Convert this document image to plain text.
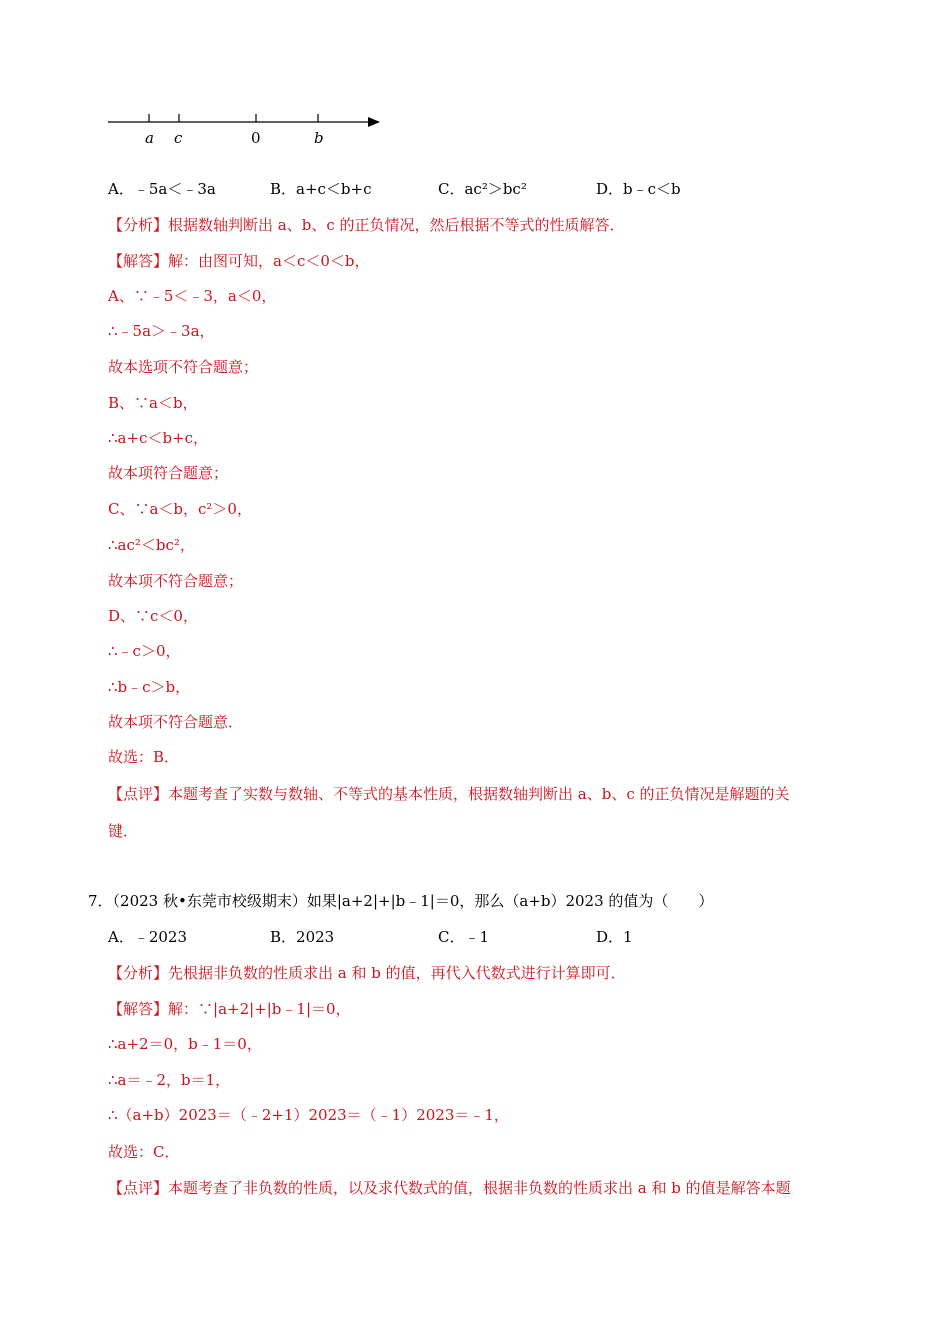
a c	0	b
A．﹣5a＜﹣3a	B．a+c＜b+c	C．ac²＞bc²	D．b﹣c＜b
【分析】根据数轴判断出 a、b、c 的正负情况，然后根据不等式的性质解答．
【解答】解：由图可知，a＜c＜0＜b，
A、∵﹣5＜﹣3，a＜0，
∴﹣5a＞﹣3a，
故本选项不符合题意；
B、∵a＜b，
∴a+c＜b+c，
故本项符合题意；
C、∵a＜b，c²＞0，
∴ac²＜bc²，
故本项不符合题意；
D、∵c＜0，
∴﹣c＞0，
∴b﹣c＞b，
故本项不符合题意．
故选：B．
【点评】本题考查了实数与数轴、不等式的基本性质，根据数轴判断出 a、b、c 的正负情况是解题的关
键．
7．（2023 秋•东莞市校级期末）如果|a+2|+|b﹣1|＝0，那么（a+b）2023 的值为（　　）
A．﹣2023	B．2023	C．﹣1	D．1
【分析】先根据非负数的性质求出 a 和 b 的值，再代入代数式进行计算即可．
【解答】解：∵|a+2|+|b﹣1|＝0，
∴a+2＝0，b﹣1＝0，
∴a＝﹣2，b＝1，
∴（a+b）2023＝（﹣2+1）2023＝（﹣1）2023＝﹣1，
故选：C．
【点评】本题考查了非负数的性质，以及求代数式的值，根据非负数的性质求出 a 和 b 的值是解答本题
